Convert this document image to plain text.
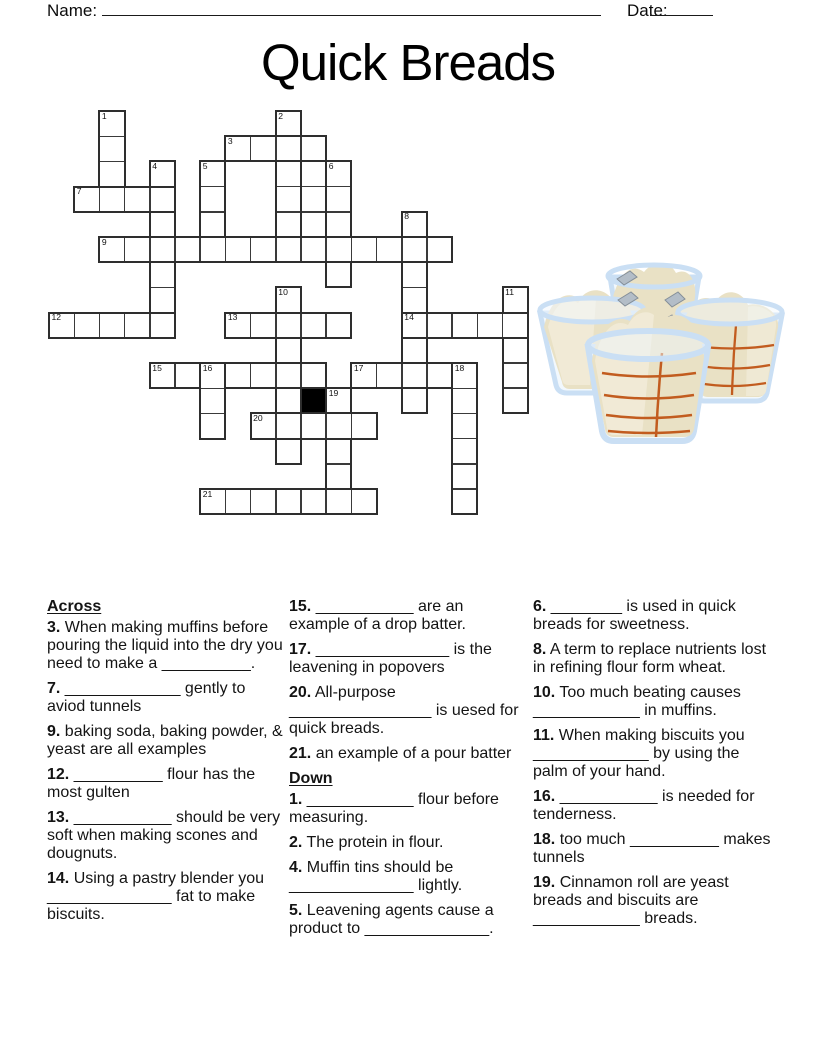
Name:	Date:
Quick Breads
1	2
3
4	5	6
7
8
9
10	11
12	13	14
15	16	17	18
19
20
21
Across
3. When making muffins before pouring the liquid into the dry you need to make a __________.
7. _____________ gently to aviod tunnels
9. baking soda, baking powder, & yeast are all examples
12. __________ flour has the most gulten
13. ___________ should be very soft when making scones and dougnuts.
14. Using a pastry blender you ______________ fat to make biscuits.
15. ___________ are an example of a drop batter.
17. _______________ is the leavening in popovers
20. All-purpose ________________ is uesed for quick breads.
21. an example of a pour batter
Down
1. ____________ flour before measuring.
2. The protein in flour.
4. Muffin tins should be ______________ lightly.
5. Leavening agents cause a product to ______________.
6. ________ is used in quick breads for sweetness.
8. A term to replace nutrients lost in refining flour form wheat.
10. Too much beating causes ____________ in muffins.
11. When making biscuits you _____________ by using the palm of your hand.
16. ___________ is needed for tenderness.
18. too much __________ makes tunnels
19. Cinnamon roll are yeast breads and biscuits are ____________ breads.
